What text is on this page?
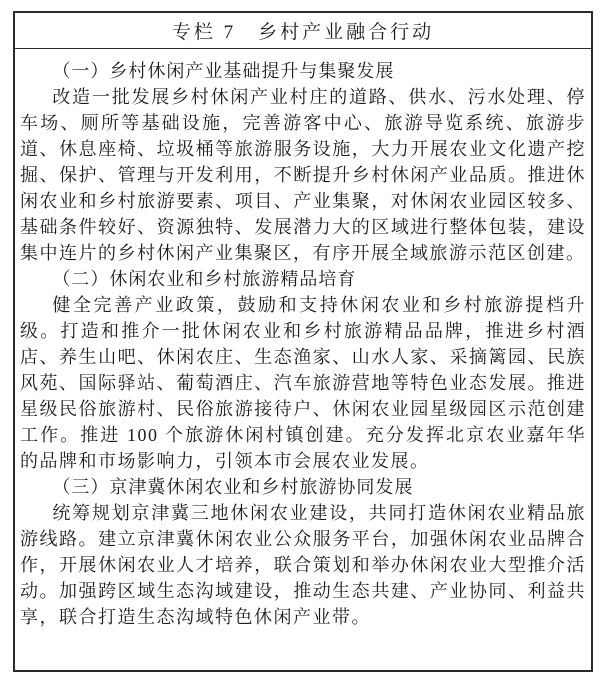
专栏 7　乡村产业融合行动

（一）乡村休闲产业基础提升与集聚发展

改造一批发展乡村休闲产业村庄的道路、供水、污水处理、停车场、厕所等基础设施，完善游客中心、旅游导览系统、旅游步道、休息座椅、垃圾桶等旅游服务设施，大力开展农业文化遗产挖掘、保护、管理与开发利用，不断提升乡村休闲产业品质。推进休闲农业和乡村旅游要素、项目、产业集聚，对休闲农业园区较多、基础条件较好、资源独特、发展潜力大的区域进行整体包装，建设集中连片的乡村休闲产业集聚区，有序开展全域旅游示范区创建。

（二）休闲农业和乡村旅游精品培育

健全完善产业政策，鼓励和支持休闲农业和乡村旅游提档升级。打造和推介一批休闲农业和乡村旅游精品品牌，推进乡村酒店、养生山吧、休闲农庄、生态渔家、山水人家、采摘篱园、民族风苑、国际驿站、葡萄酒庄、汽车旅游营地等特色业态发展。推进星级民俗旅游村、民俗旅游接待户、休闲农业园星级园区示范创建工作。推进 100 个旅游休闲村镇创建。充分发挥北京农业嘉年华的品牌和市场影响力，引领本市会展农业发展。

（三）京津冀休闲农业和乡村旅游协同发展

统筹规划京津冀三地休闲农业建设，共同打造休闲农业精品旅游线路。建立京津冀休闲农业公众服务平台，加强休闲农业品牌合作，开展休闲农业人才培养，联合策划和举办休闲农业大型推介活动。加强跨区域生态沟域建设，推动生态共建、产业协同、利益共享，联合打造生态沟域特色休闲产业带。
